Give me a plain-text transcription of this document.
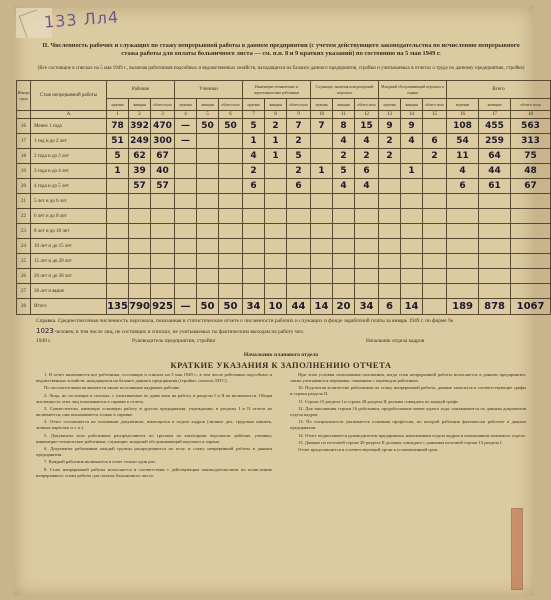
133 Лл4
II. Численность рабочих и служащих по стажу непрерывной работы в данном предприятии (с учетом действующего законодательства по исчислению непрерывного стажа работы для оплаты больничного листа — см. п.п. 8 и 9 кратких указаний) по состоянию на 5 мая 1949 г.
(Все состоящие в списках на 5 мая 1949 г., включая работников подсобных и ведомственных хозяйств, находящихся на балансе данного предприятия, стройки и учитываемых в отчетах о труде по данному предприятию, стройке)
Номера строк	Стаж непрерывной работы	Рабочие			Ученики			Инженерно-технические и агротехнические работники			Служащие, включая контролерский персонал			Младший обслуживающий персонал и охрана			Всего		
		мужчин	женщин	обоего пола	мужчин	женщин	обоего пола	мужчин	женщин	обоего пола	мужчин	женщин	обоего пола	мужчин	женщин	обоего пола	мужчин	женщин	обоего пола
	A	1	2	3	4	5	6	7	8	9	10	11	12	13	14	15	16	17	18
16	Менее 1 года	78	392	470	—	50	50	5	2	7	7	8	15	9	9		108	455	563
17	1 год и до 2 лет	51	249	300	—			1	1	2		4	4	2	4	6	54	259	313
18	2 года и до 3 лет	5	62	67				4	1	5		2	2	2		2	11	64	75
19	3 года и до 4 лет	1	39	40				2		2	1	5	6		1		4	44	48
20	4 года и до 5 лет		57	57				6		6		4	4				6	61	67
21	5 лет и до 6 лет																		
22	6 лет и до 8 лет																		
23	8 лет и до 10 лет																		
24	10 лет и до 15 лет																		
25	15 лет и до 20 лет																		
26	20 лет и до 30 лет																		
27	30 лет и выше																		
28	Итого	135	790	925	—	50	50	34	10	44	14	20	34	6	14		189	878	1067
Справка. Среднесписочная численность персонала, показанная в статистическом отчете о численности рабочих и служащих и фонде заработной платы за январь 1949 г. по форме №
1023 человек; в том числе лиц, не состоящих в списках, не учитываемых по фактическим выходам на работу чел.
1949 г.	Руководитель предприятия, стройки	Начальник отдела кадров
Начальник планового отдела
КРАТКИЕ УКАЗАНИЯ К ЗАПОЛНЕНИЮ ОТЧЕТА

1. В отчет включаются все работники, состоящие в списках на 5 мая 1949 г., в том числе работники подсобных и ведомственных хозяйств, находящихся на балансе данного предприятия (стройки, совхоза, МТС).

По лесозаготовкам включаются также постоянные кадровые рабочие.

2. Лица, не состоящие в списках, с учитываемые по дням явок на работу, в разделы I и II не включаются. Общая численность этих лиц показывается в справке к отчету.

3. Совместители, имеющие основную работу в другом предприятии, учреждении, в разделы I и II отчета не включаются; они показываются только в справке.

4. Отчет составляется на основании документов, имеющихся в отделе кадров (личных дел, трудовых книжек, личных карточек и т. п.).

5. Документы всех работников распределяются по группам по категориям персонала: рабочие, ученики, инженерно-технические работники, служащие, младший обслуживающий персонал и охрана.

6. Документы работников каждой группы распределяются по полу и стажу непрерывной работы в данном предприятии.

7. Каждый работник включается в отчет только один раз.

8. Стаж непрерывной работы исчисляется в соответствии с действующим законодательством по исчислению непрерывного стажа работы для оплаты больничного листа.

При этом условия пользования положения, когда стаж непрерывной работы исчисляется в данном предприятии, также учитываются перерывы, связанные с переводом работника.

10. Подсчитав количество работников по стажу непрерывной работы, данные заносятся в соответствующие графы и строки раздела II.

11. Строка 15 раздела I и строка 28 раздела II должны совпадать по каждой графе.

12. Для заполнения строки 16 работники, проработавшие менее одного года, показываются по данным документов отдела кадров.

13. По специальности указывается основная профессия, по которой работник фактически работает в данном предприятии.

14. Отчет подписывается руководителем предприятия, начальником отдела кадров и начальником планового отдела.

15. Данные по итоговой строке 28 раздела II должны совпадать с данными итоговой строки 15 раздела I.

Отчет представляется в соответствующий орган в установленный срок.
